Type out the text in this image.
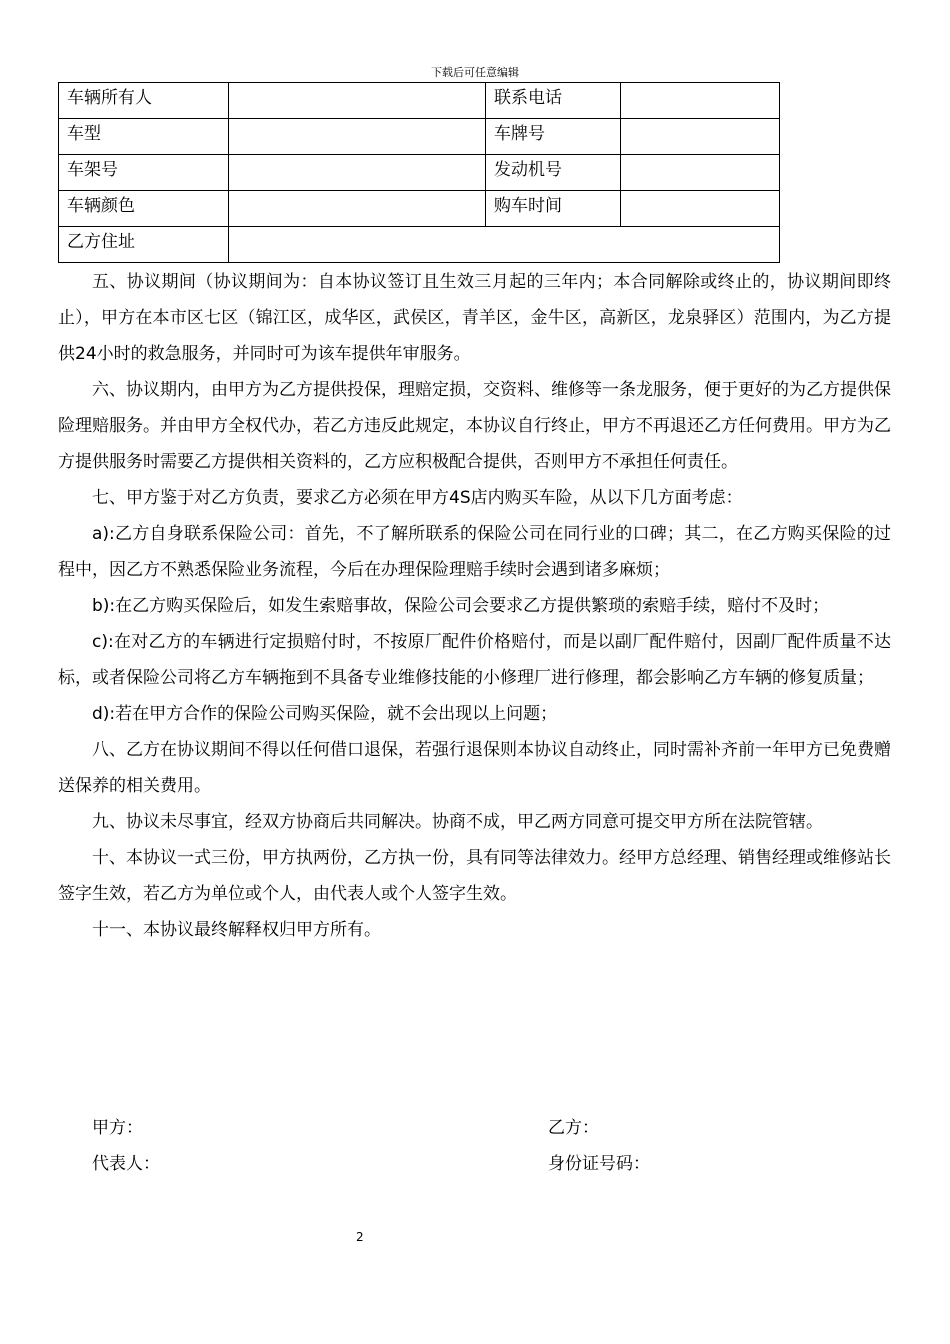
下载后可任意编辑
车辆所有人		联系电话	
车型		车牌号	
车架号		发动机号	
车辆颜色		购车时间	
乙方住址			

五、协议期间（协议期间为：自本协议签订且生效三月起的三年内；本合同解除或终止的，协议期间即终止），甲方在本市区七区（锦江区，成华区，武侯区，青羊区，金牛区，高新区，龙泉驿区）范围内，为乙方提供24小时的救急服务，并同时可为该车提供年审服务。

六、协议期内，由甲方为乙方提供投保，理赔定损，交资料、维修等一条龙服务，便于更好的为乙方提供保险理赔服务。并由甲方全权代办，若乙方违反此规定，本协议自行终止，甲方不再退还乙方任何费用。甲方为乙方提供服务时需要乙方提供相关资料的，乙方应积极配合提供，否则甲方不承担任何责任。

七、甲方鉴于对乙方负责，要求乙方必须在甲方4S店内购买车险，从以下几方面考虑：

a):乙方自身联系保险公司：首先，不了解所联系的保险公司在同行业的口碑；其二，在乙方购买保险的过程中，因乙方不熟悉保险业务流程，今后在办理保险理赔手续时会遇到诸多麻烦；

b):在乙方购买保险后，如发生索赔事故，保险公司会要求乙方提供繁琐的索赔手续，赔付不及时；

c):在对乙方的车辆进行定损赔付时，不按原厂配件价格赔付，而是以副厂配件赔付，因副厂配件质量不达标，或者保险公司将乙方车辆拖到不具备专业维修技能的小修理厂进行修理，都会影响乙方车辆的修复质量；

d):若在甲方合作的保险公司购买保险，就不会出现以上问题；

八、乙方在协议期间不得以任何借口退保，若强行退保则本协议自动终止，同时需补齐前一年甲方已免费赠送保养的相关费用。

九、协议未尽事宜，经双方协商后共同解决。协商不成，甲乙两方同意可提交甲方所在法院管辖。

十、本协议一式三份，甲方执两份，乙方执一份，具有同等法律效力。经甲方总经理、销售经理或维修站长签字生效，若乙方为单位或个人，由代表人或个人签字生效。

十一、本协议最终解释权归甲方所有。

甲方：	乙方：
代表人：	身份证号码：
2
